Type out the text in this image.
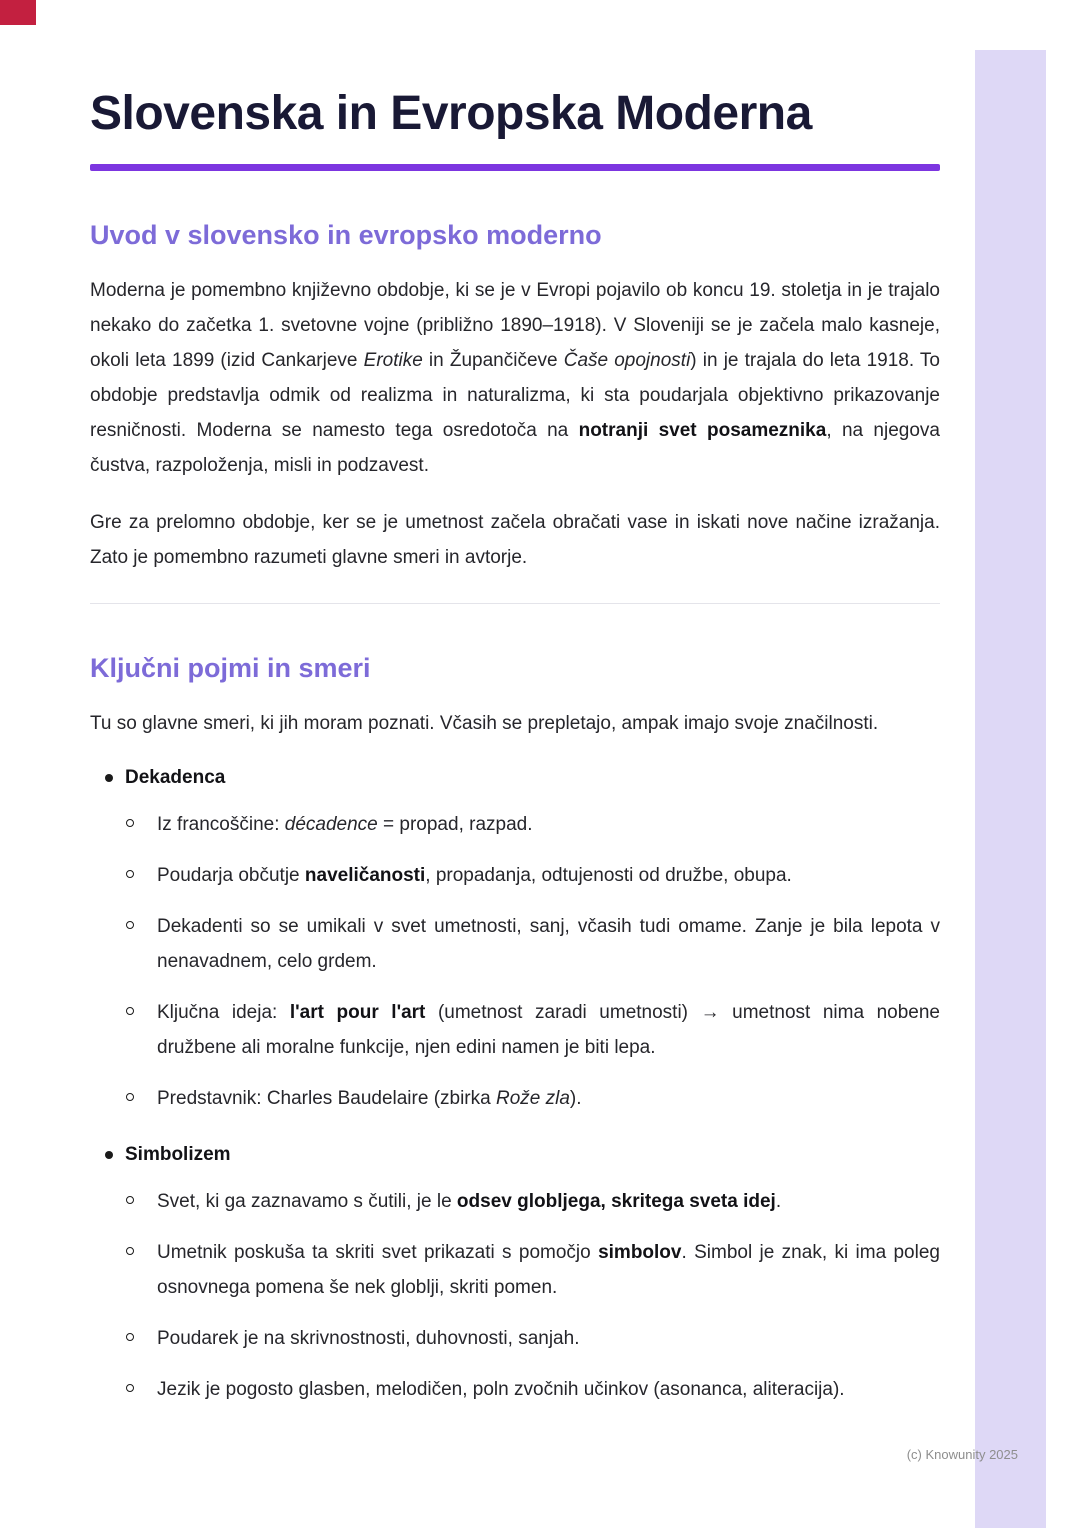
Slovenska in Evropska Moderna
Uvod v slovensko in evropsko moderno

Moderna je pomembno književno obdobje, ki se je v Evropi pojavilo ob koncu 19. stoletja in je trajalo nekako do začetka 1. svetovne vojne (približno 1890–1918). V Sloveniji se je začela malo kasneje, okoli leta 1899 (izid Cankarjeve Erotike in Župančičeve Čaše opojnosti) in je trajala do leta 1918. To obdobje predstavlja odmik od realizma in naturalizma, ki sta poudarjala objektivno prikazovanje resničnosti. Moderna se namesto tega osredotoča na notranji svet posameznika, na njegova čustva, razpoloženja, misli in podzavest.

Gre za prelomno obdobje, ker se je umetnost začela obračati vase in iskati nove načine izražanja. Zato je pomembno razumeti glavne smeri in avtorje.

Ključni pojmi in smeri

Tu so glavne smeri, ki jih moram poznati. Včasih se prepletajo, ampak imajo svoje značilnosti.

Dekadenca
Iz francoščine: décadence = propad, razpad.
Poudarja občutje naveličanosti, propadanja, odtujenosti od družbe, obupa.
Dekadenti so se umikali v svet umetnosti, sanj, včasih tudi omame. Zanje je bila lepota v nenavadnem, celo grdem.
Ključna ideja: l'art pour l'art (umetnost zaradi umetnosti) → umetnost nima nobene družbene ali moralne funkcije, njen edini namen je biti lepa.
Predstavnik: Charles Baudelaire (zbirka Rože zla).
Simbolizem
Svet, ki ga zaznavamo s čutili, je le odsev globljega, skritega sveta idej.
Umetnik poskuša ta skriti svet prikazati s pomočjo simbolov. Simbol je znak, ki ima poleg osnovnega pomena še nek globlji, skriti pomen.
Poudarek je na skrivnostnosti, duhovnosti, sanjah.
Jezik je pogosto glasben, melodičen, poln zvočnih učinkov (asonanca, aliteracija).
(c) Knowunity 2025
